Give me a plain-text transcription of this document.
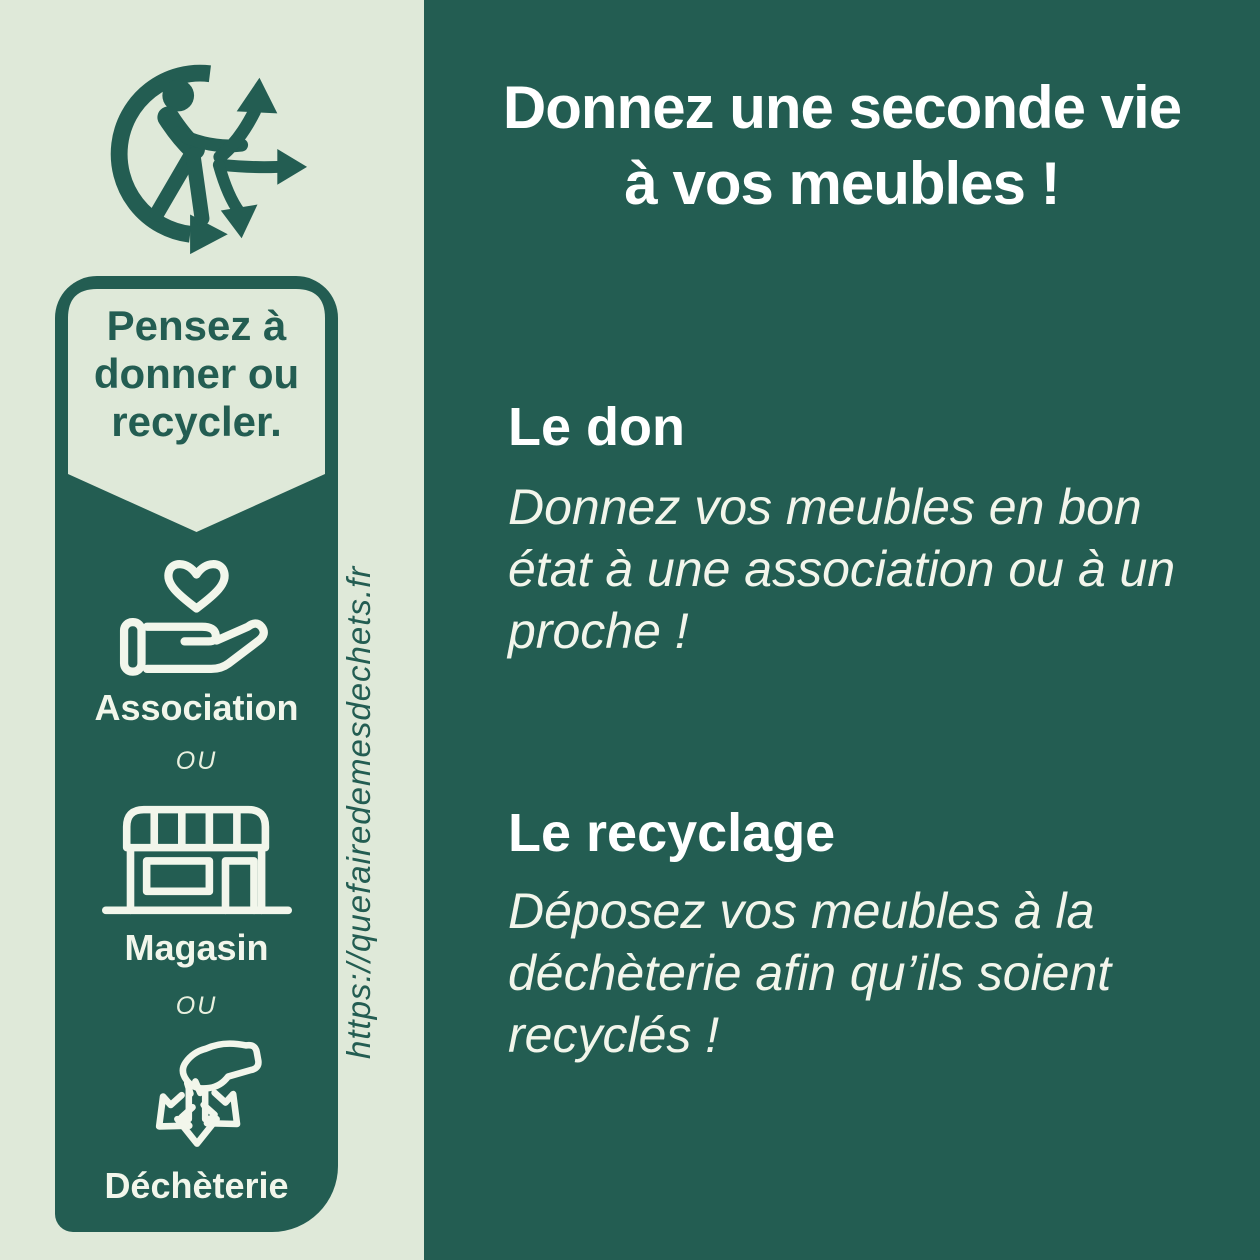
Pensez à
donner ou
recycler.
Association
OU
Magasin
OU
Déchèterie
https://quefairedemesdechets.fr
Donnez une seconde vie
à vos meubles !
Le don
Donnez vos meubles en bon
état à une association ou à un
proche !
Le recyclage
Déposez vos meubles à la
déchèterie afin qu’ils soient
recyclés !
